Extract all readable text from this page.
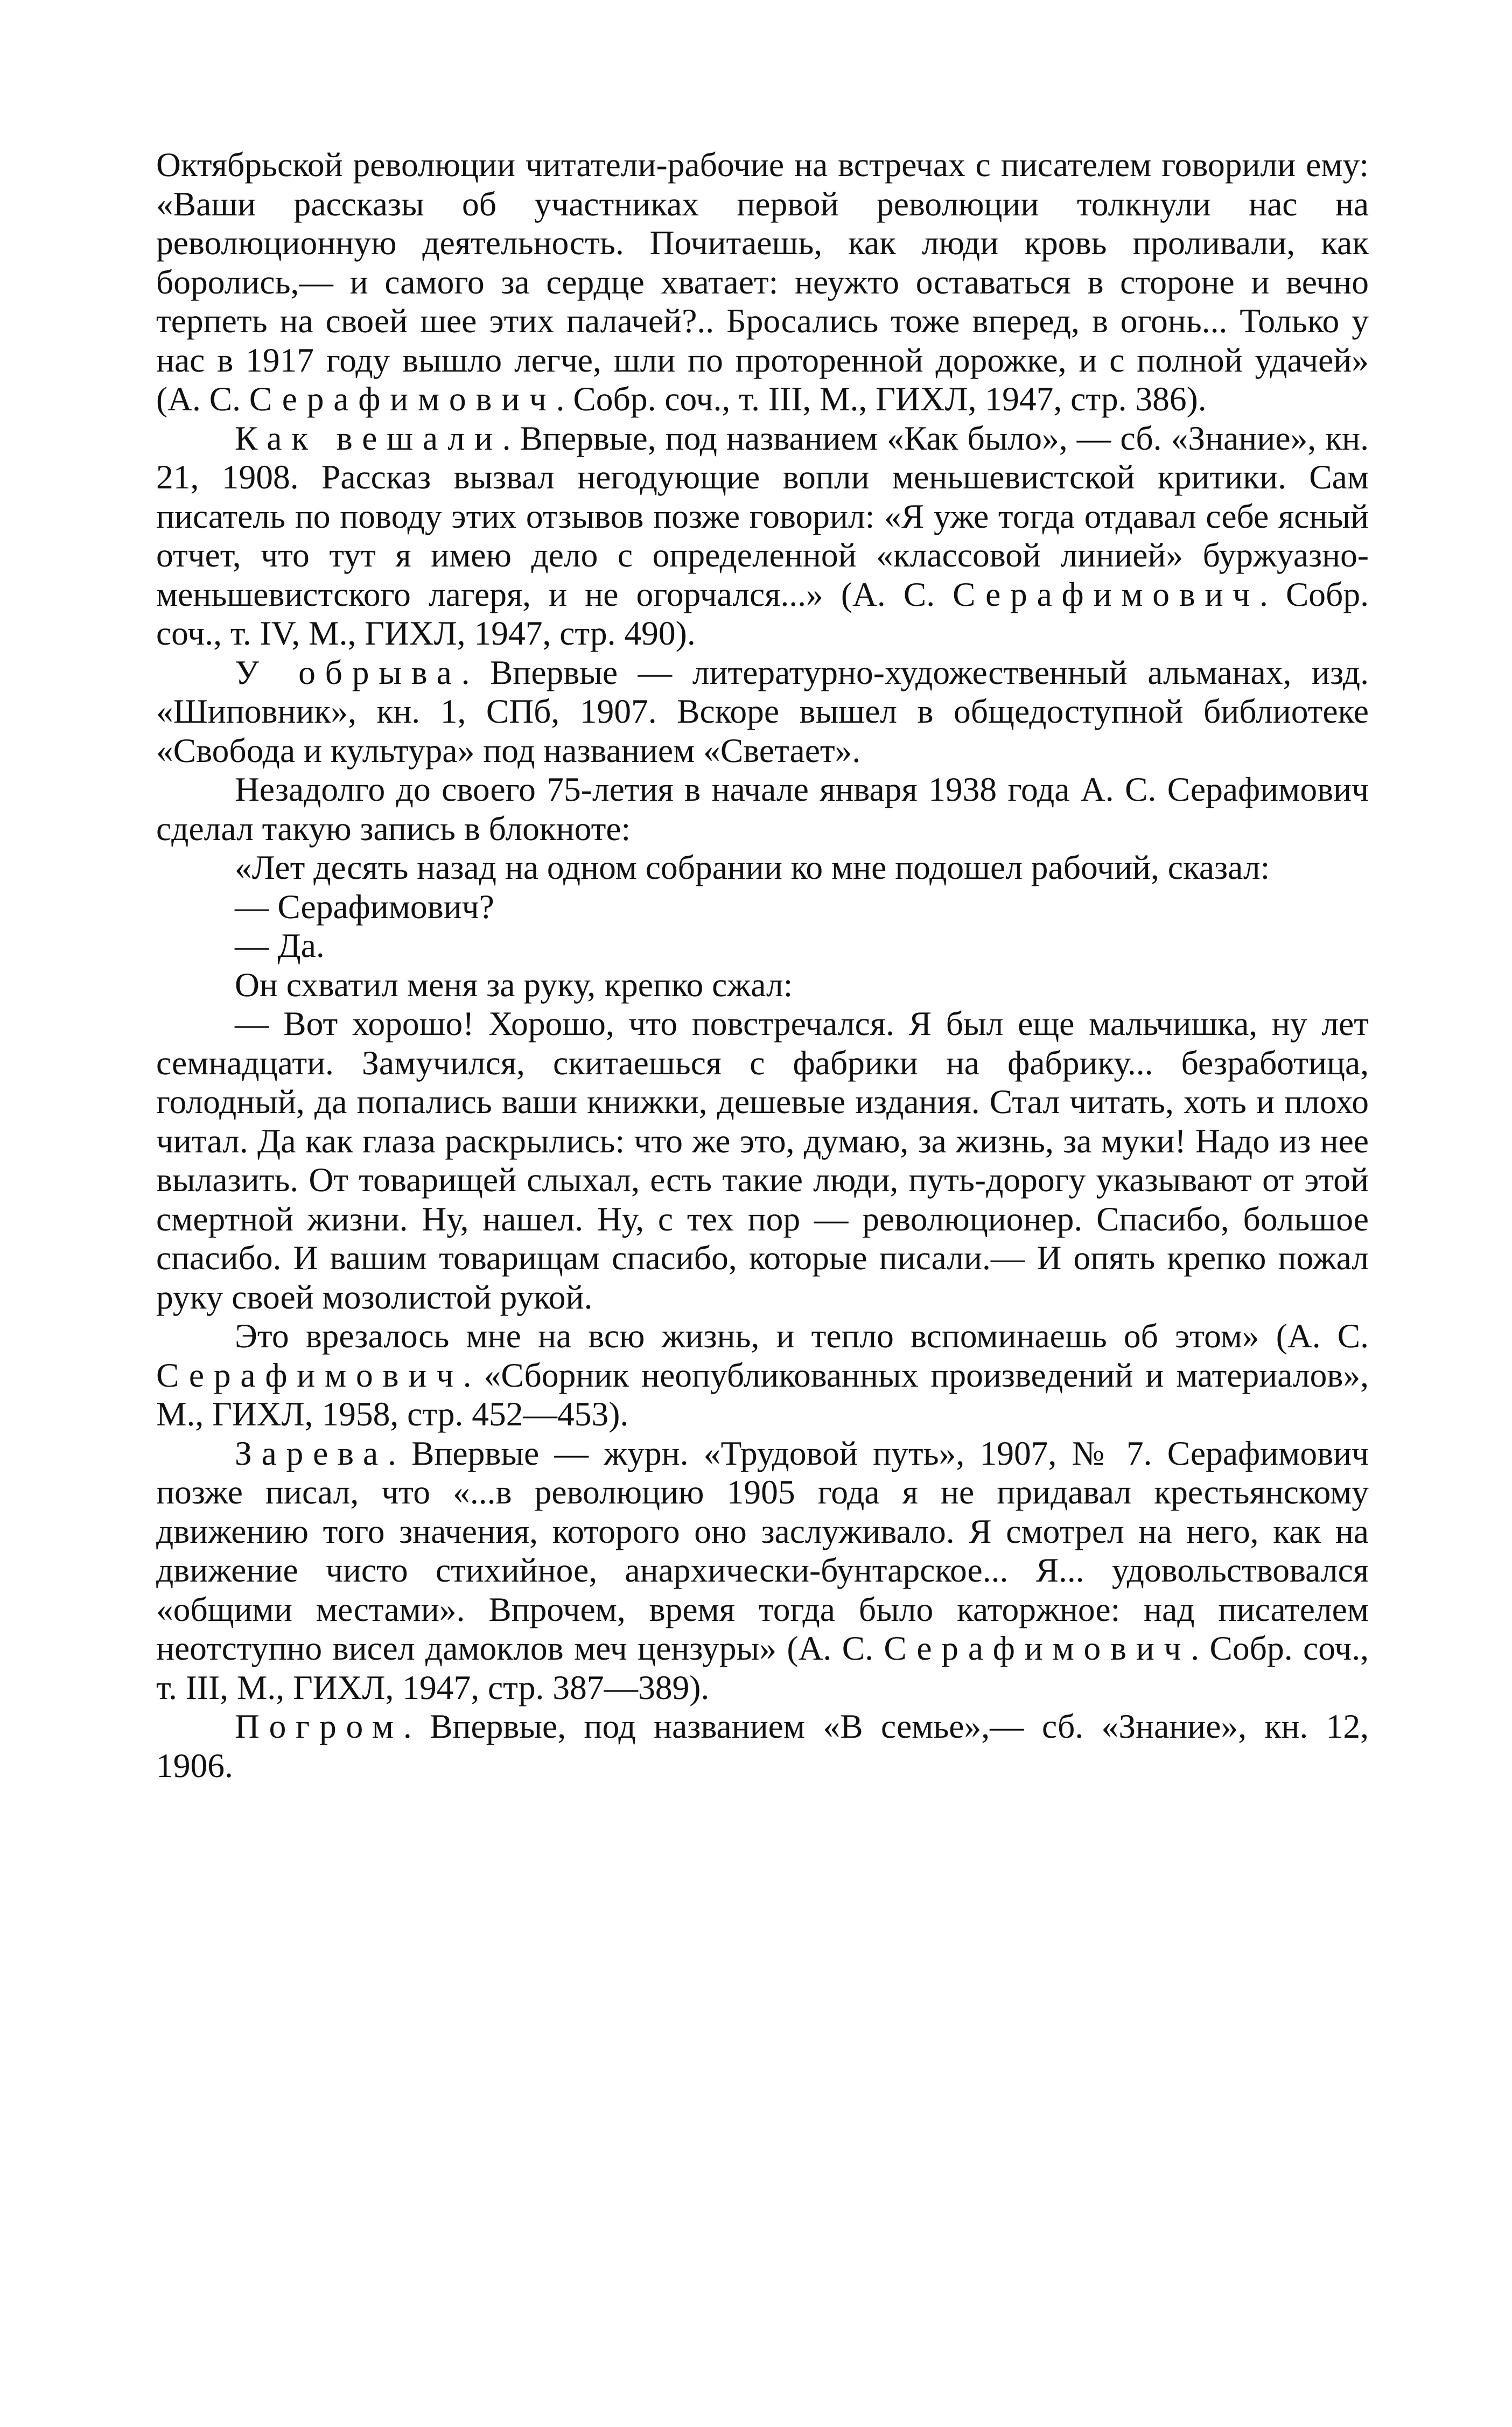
Октябрьской революции читатели-рабочие на встречах с писателем говорили ему: «Ваши рассказы об участниках первой революции толкнули нас на революционную деятельность. Почитаешь, как люди кровь проливали, как боролись,— и самого за сердце хватает: неужто оставаться в стороне и вечно терпеть на своей шее этих палачей?.. Бросались тоже вперед, в огонь... Только у нас в 1917 году вышло легче, шли по проторенной дорожке, и с полной удачей» (А. С. Серафимович. Собр. соч., т. III, М., ГИХЛ, 1947, стр. 386).

Как вешали. Впервые, под названием «Как было», — сб. «Знание», кн. 21, 1908. Рассказ вызвал негодующие вопли меньшевистской критики. Сам писатель по поводу этих отзывов позже говорил: «Я уже тогда отдавал себе ясный отчет, что тут я имею дело с определенной «классовой линией» буржуазно-меньшевистского лагеря, и не огорчался...» (А. С. Серафимович. Собр. соч., т. IV, М., ГИХЛ, 1947, стр. 490).

У обрыва. Впервые — литературно-художественный альманах, изд. «Шиповник», кн. 1, СПб, 1907. Вскоре вышел в общедоступной библиотеке «Свобода и культура» под названием «Светает».

Незадолго до своего 75-летия в начале января 1938 года А. С. Серафимович сделал такую запись в блокноте:

«Лет десять назад на одном собрании ко мне подошел рабочий, сказал:

— Серафимович?

— Да.

Он схватил меня за руку, крепко сжал:

— Вот хорошо! Хорошо, что повстречался. Я был еще мальчишка, ну лет семнадцати. Замучился, скитаешься с фабрики на фабрику... безработица, голодный, да попались ваши книжки, дешевые издания. Стал читать, хоть и плохо читал. Да как глаза раскрылись: что же это, думаю, за жизнь, за муки! Надо из нее вылазить. От товарищей слыхал, есть такие люди, путь-дорогу указывают от этой смертной жизни. Ну, нашел. Ну, с тех пор — революционер. Спасибо, большое спасибо. И вашим товарищам спасибо, которые писали.— И опять крепко пожал руку своей мозолистой рукой.

Это врезалось мне на всю жизнь, и тепло вспоминаешь об этом» (А. С. Серафимович. «Сборник неопубликованных произведений и материалов», М., ГИХЛ, 1958, стр. 452—453).

Зарева. Впервые — журн. «Трудовой путь», 1907, № 7. Серафимович позже писал, что «...в революцию 1905 года я не придавал крестьянскому движению того значения, которого оно заслуживало. Я смотрел на него, как на движение чисто стихийное, анархически-бунтарское... Я... удовольствовался «общими местами». Впрочем, время тогда было каторжное: над писателем неотступно висел дамоклов меч цензуры» (А. С. Серафимович. Собр. соч., т. III, М., ГИХЛ, 1947, стр. 387—389).

Погром. Впервые, под названием «В семье»,— сб. «Знание», кн. 12, 1906.
